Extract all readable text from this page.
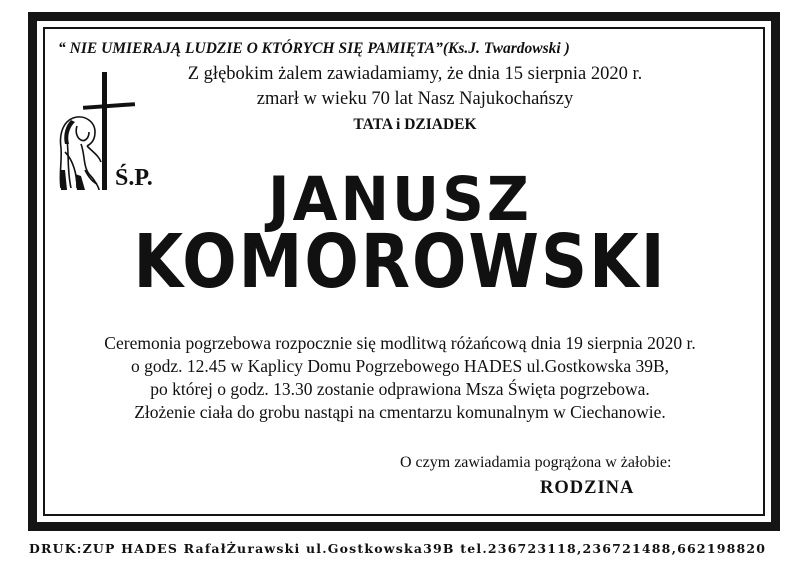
“ NIE UMIERAJĄ LUDZIE O KTÓRYCH SIĘ PAMIĘTA”(Ks.J. Twardowski )
Z głębokim żalem zawiadamiamy, że dnia 15 sierpnia 2020 r.
zmarł w wieku 70 lat Nasz Najukochańszy
TATA i DZIADEK
Ś.P.	JANUSZ
KOMOROWSKI
Ceremonia pogrzebowa rozpocznie się modlitwą różańcową dnia 19 sierpnia 2020 r.
o godz. 12.45 w Kaplicy Domu Pogrzebowego HADES ul.Gostkowska 39B,
po której o godz. 13.30 zostanie odprawiona Msza Święta pogrzebowa.
Złożenie ciała do grobu nastąpi na cmentarzu komunalnym w Ciechanowie.
O czym zawiadamia pogrążona w żałobie:
RODZINA
DRUK:ZUP HADES RafałŻurawski ul.Gostkowska39B tel.236723118,236721488,662198820
